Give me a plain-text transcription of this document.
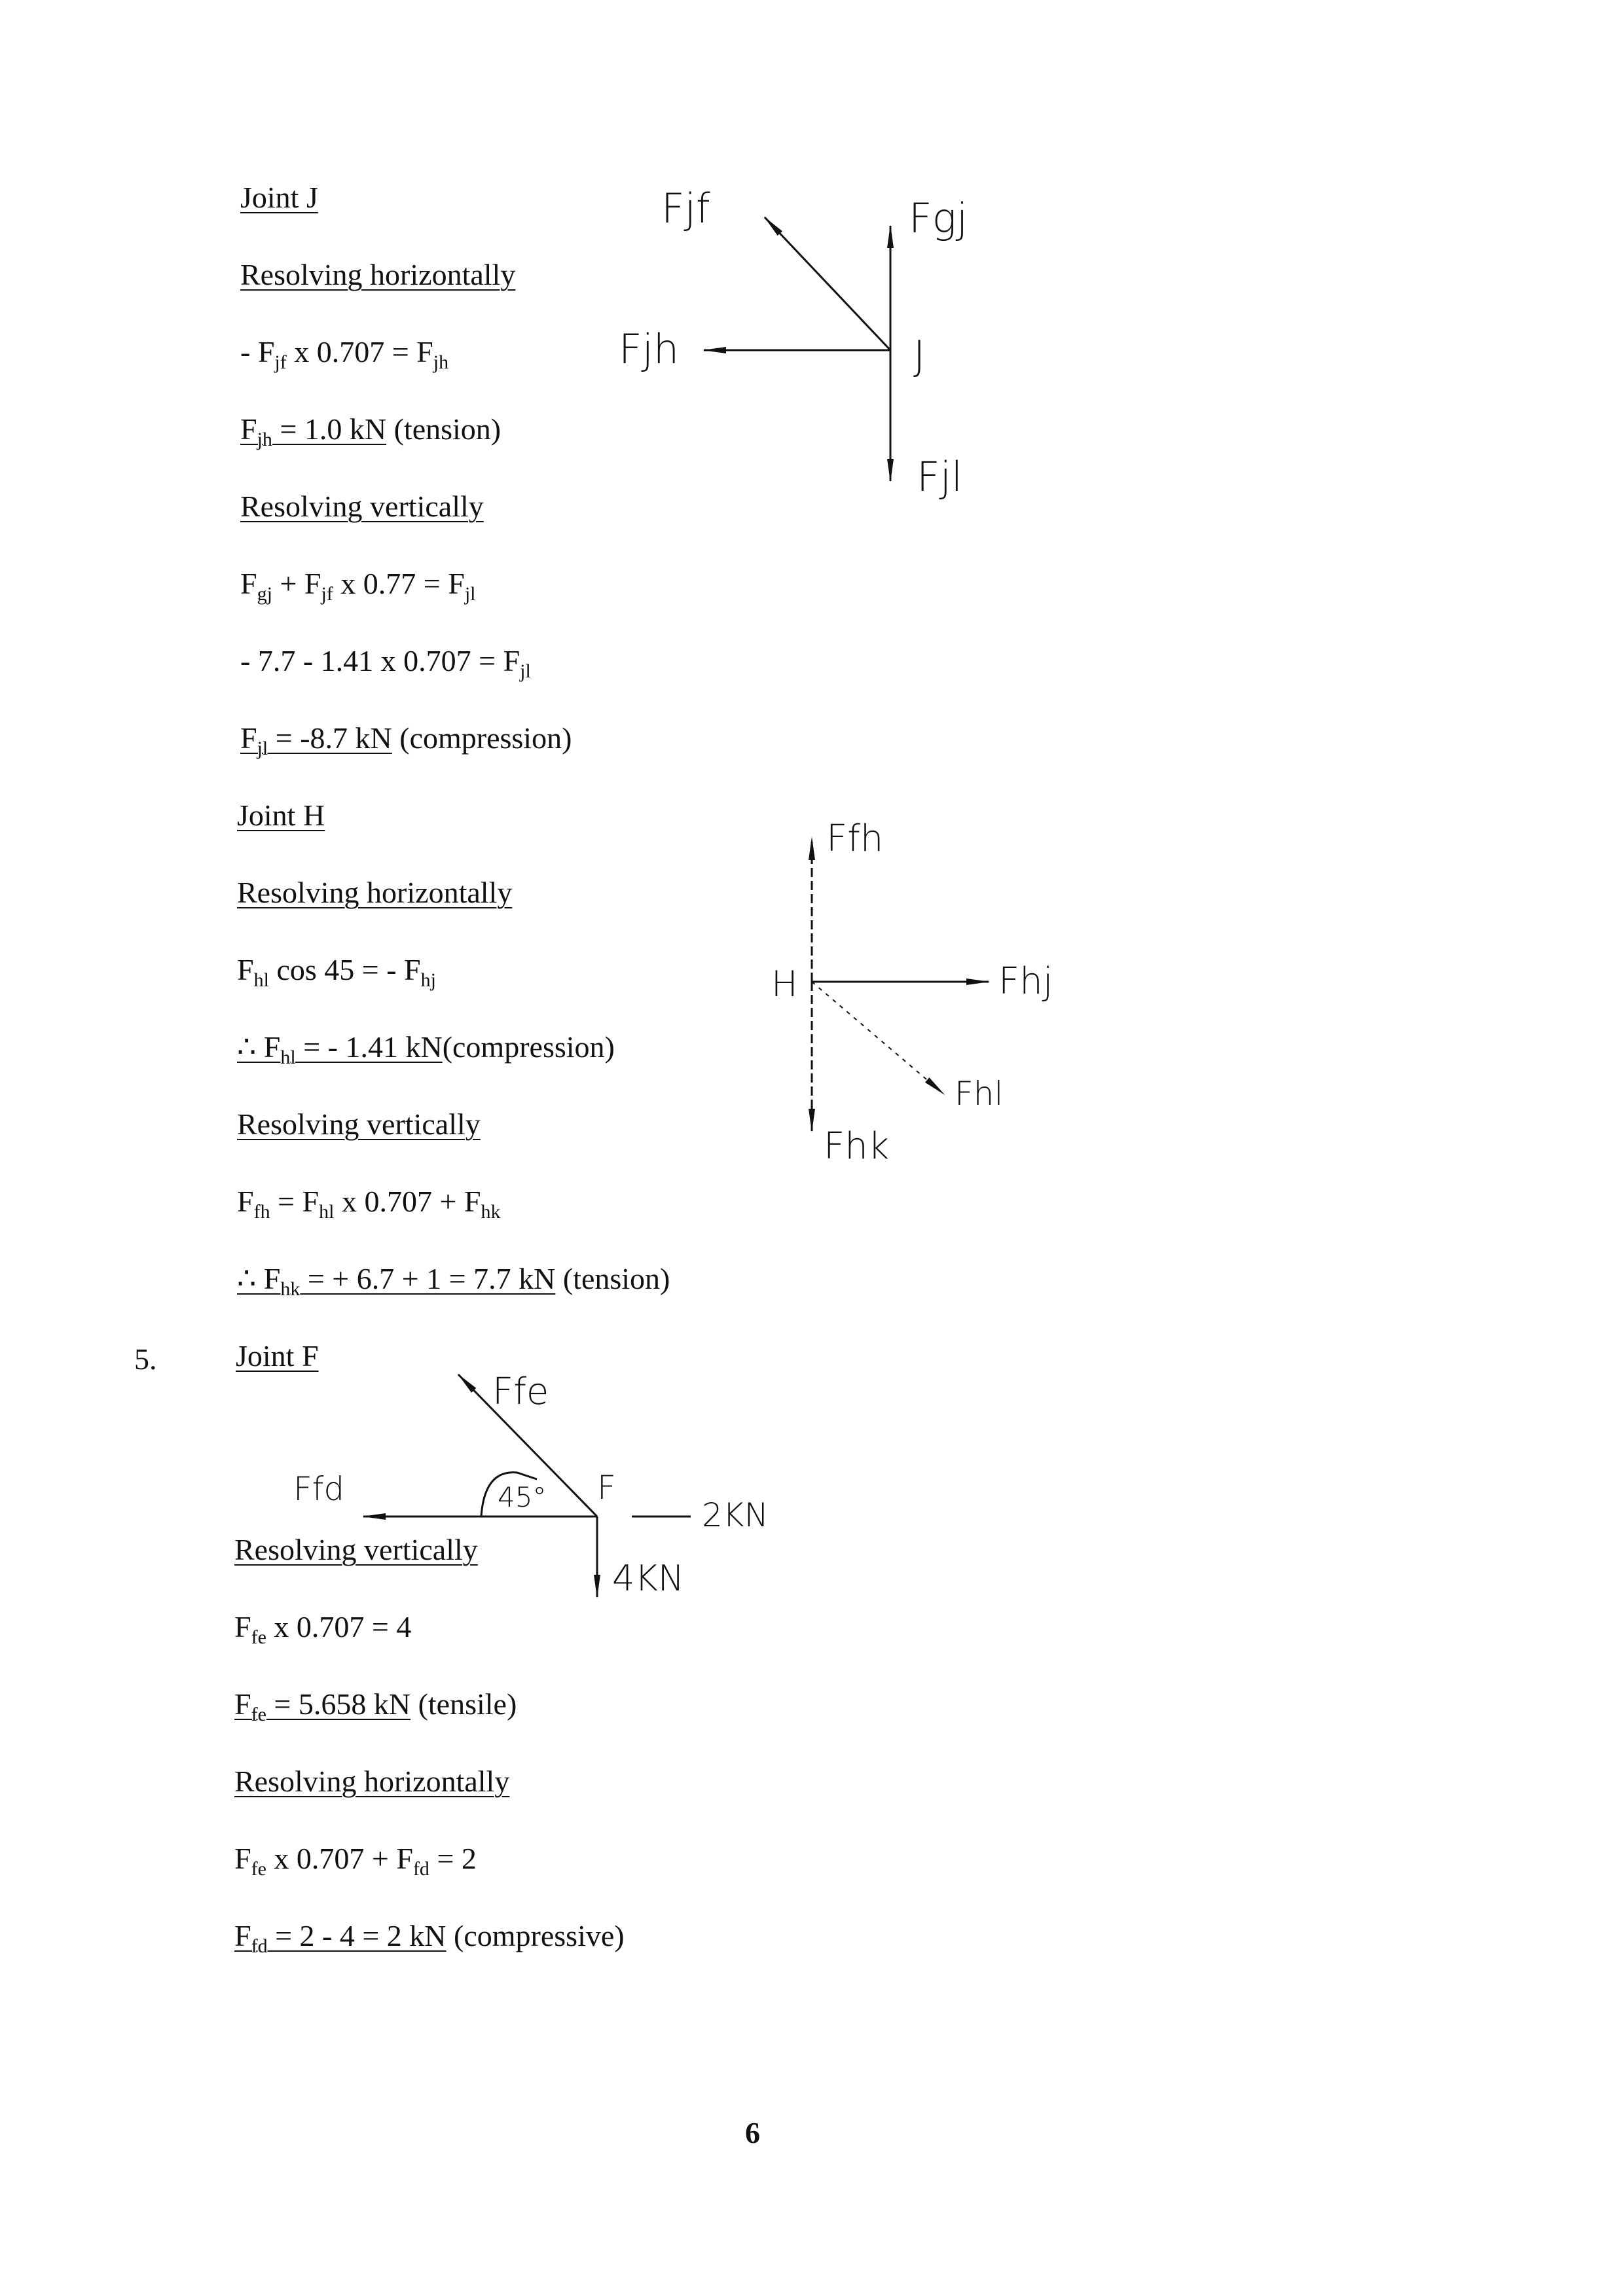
Joint J
Resolving horizontally
- $F_{jf}$ x $0.707 = F_{jh}$
$F_{jh} = 1.0$ kN (tension)
Resolving vertically
$F_{gj} + F_{jf}$ x $0.77 = F_{jl}$
- 7.7 - 1.41 x $0.707 = F_{jl}$
$F_{jl} = -8.7$ kN (compression)
Joint H
Resolving horizontally
$F_{hl}$ cos 45 = - $F_{hj}$
∴ $F_{hl}$ = - 1.41 kN(compression)
Resolving vertically
$F_{fh} = F_{hl}$ x $0.707 + F_{hk}$
∴ $F_{hk}$ = + 6.7 + 1 = 7.7 kN (tension)
5.	Joint F
Resolving vertically
$F_{fe}$ x 0.707 = 4
$F_{fe} = 5.658$ kN (tensile)
Resolving horizontally
$F_{fe}$ x $0.707 + F_{fd} = 2$
$F_{fd} = 2 - 4 = 2$ kN (compressive)
6
Fjf	Fgj
Fjh	J
Fjl
Ffh
H	Fhj
Fhl
Fhk
Ffe
Ffd	45° F
2KN
4KN
